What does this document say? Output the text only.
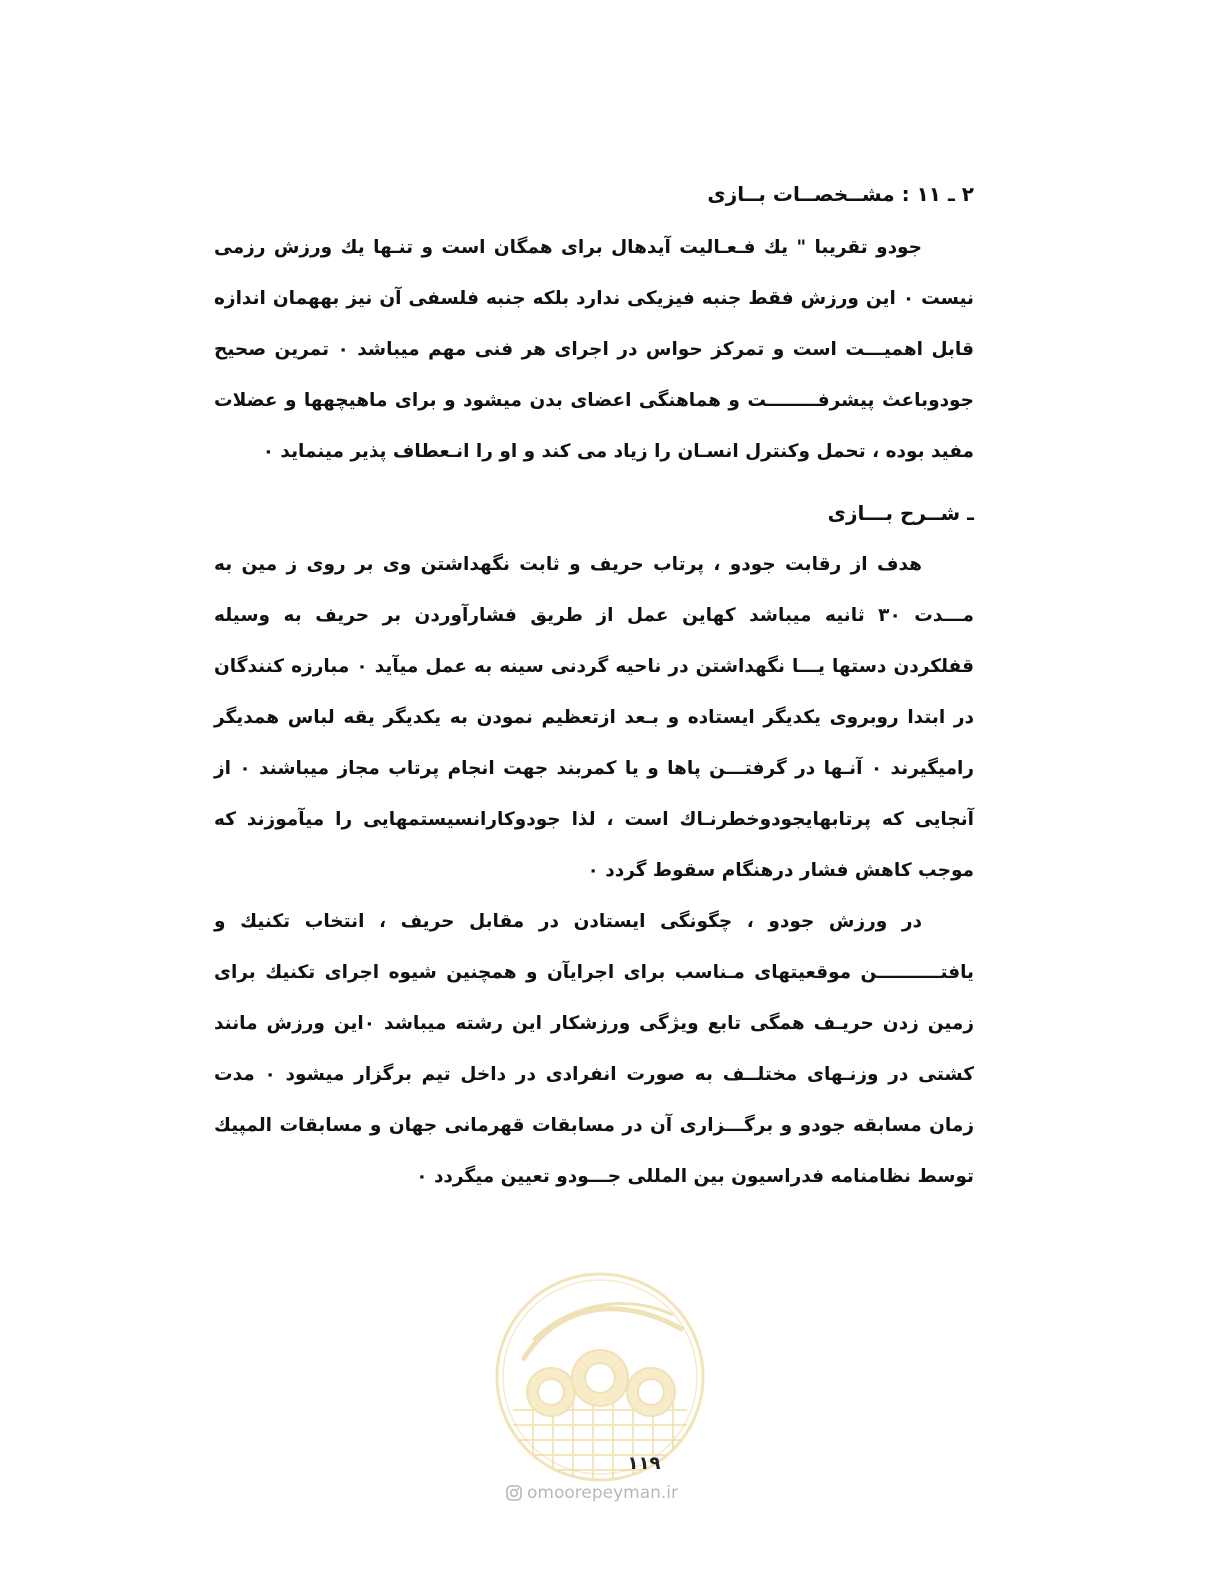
۲ ـ ۱۱ : مشــخصــات بــازی

جودو تقریبا " یك فـعـالیت آیدهال برای همگان است و تنـها یك ورزش رزمی نیست ۰ این ورزش فقط جنبه فیزیکی ندارد بلکه جنبه فلسفی آن نیز بههمان اندازه قابل اهمیـــت است و تمرکز حواس در اجرای هر فنی مهم میباشد ۰ تمرین صحیح جودوباعث پیشرفــــــــت و هماهنگی اعضای بدن میشود و برای ماهیچهها و عضلات مفید بوده ، تحمل وکنترل انسـان را زیاد می کند و او را انـعطاف پذیر مینماید ۰

ـ شــرح بـــازی

هدف از رقابت جودو ، پرتاب حریف و ثابت نگهداشتن وی بر روی ز مین به مـــدت ۳۰ ثانیه میباشد کهاین عمل از طریق فشارآوردن بر حریف به وسیله قفلکردن دستها یـــا نگهداشتن در ناحیه گردنی سینه به عمل میآید ۰ مبارزه کنندگان در ابتدا روبروی یکدیگر ایستاده و بـعد ازتعظیم نمودن به یکدیگر یقه لباس همدیگر رامیگیرند ۰ آنـها در گرفتـــن پاها و یا کمربند جهت انجام پرتاب مجاز میباشند ۰ از آنجایی که پرتابهایجودوخطرنـاك است ، لذا جودوکارانسیستمهایی را میآموزند که موجب کاهش فشار درهنگام سقوط گردد ۰

در ورزش جودو ، چگونگی ایستادن در مقابل حریف ، انتخاب تکنیك و یافتــــــــــن موقعیتهای مـناسب برای اجرایآن و همچنین شیوه اجرای تکنیك برای زمین زدن حریـف همگی تابع ویژگی ورزشکار این رشته میباشد ۰این ورزش مانند کشتی در وزنـهای مختلــف به صورت انفرادی در داخل تیم برگزار میشود ۰ مدت زمان مسابقه جودو و برگـــزاری آن در مسابقات قهرمانی جهان و مسابقات المپیك توسط نظامنامه فدراسیون بین المللی جـــودو تعیین میگردد ۰

۱۱۹
omoorepeyman.ir
